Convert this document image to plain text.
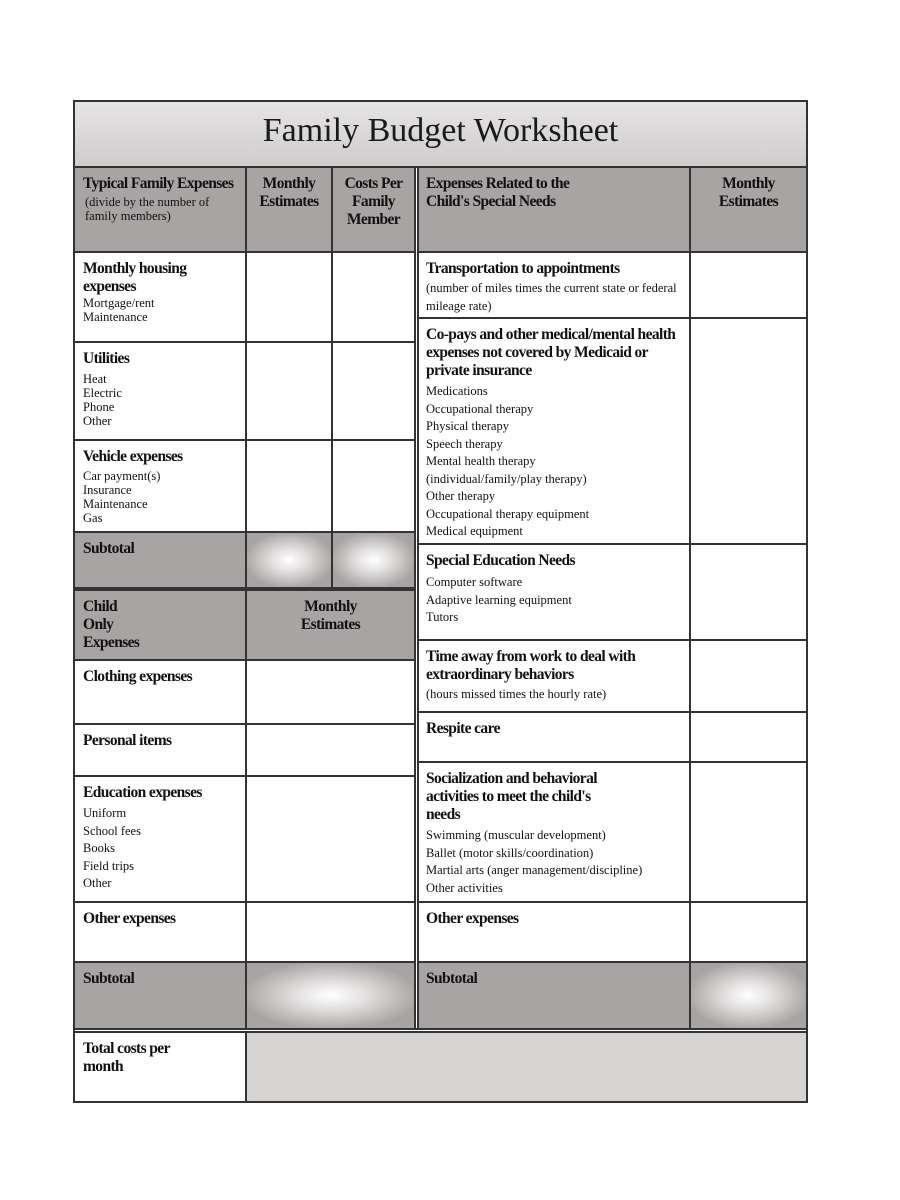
Family Budget Worksheet
Typical Family Expenses
(divide by the number of family members)
Monthly Estimates
Costs Per Family Member
Monthly housing expenses
Mortgage/rent
Maintenance
Utilities
Heat
Electric
Phone
Other
Vehicle expenses
Car payment(s)
Insurance
Maintenance
Gas
Subtotal
Child Only Expenses
Monthly Estimates
Clothing expenses
Personal items
Education expenses
Uniform
School fees
Books
Field trips
Other
Other expenses
Subtotal
Expenses Related to the Child's Special Needs
Monthly Estimates
Transportation to appointments
(number of miles times the current state or federal mileage rate)
Co-pays and other medical/mental health expenses not covered by Medicaid or private insurance
Medications
Occupational therapy
Physical therapy
Speech therapy
Mental health therapy
(individual/family/play therapy)
Other therapy
Occupational therapy equipment
Medical equipment
Special Education Needs
Computer software
Adaptive learning equipment
Tutors
Time away from work to deal with extraordinary behaviors
(hours missed times the hourly rate)
Respite care
Socialization and behavioral activities to meet the child's needs
Swimming (muscular development)
Ballet (motor skills/coordination)
Martial arts (anger management/discipline)
Other activities
Other expenses
Subtotal
Total costs per month
